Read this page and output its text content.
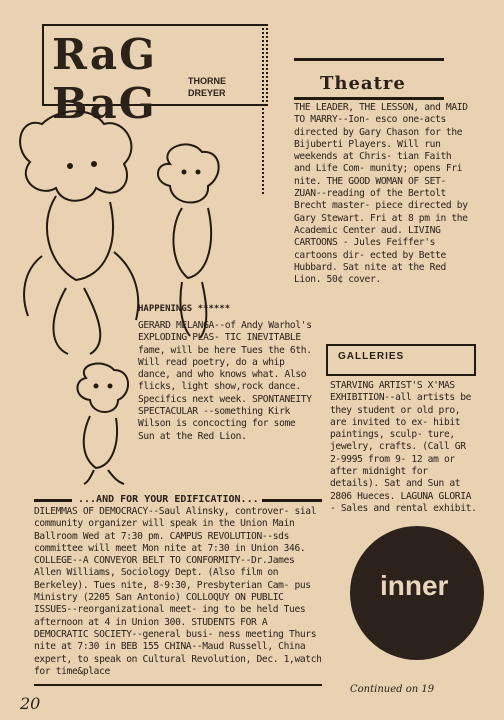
RaG BaG	THORNE
DREYER	Theatre
THE LEADER, THE LESSON, and MAID TO MARRY--Ion- esco one-acts directed by Gary Chason for the Bijuberti Players. Will run weekends at Chris- tian Faith and Life Com- munity; opens Fri nite. THE GOOD WOMAN OF SET- ZUAN--reading of the Bertolt Brecht master- piece directed by Gary Stewart. Fri at 8 pm in the Academic Center aud. LIVING CARTOONS - Jules Feiffer's cartoons dir- ected by Bette Hubbard. Sat nite at the Red Lion. 50¢ cover.
HAPPENINGS ******
GERARD MELANGA--of Andy Warhol's EXPLODING PLAS- TIC INEVITABLE fame, will be here Tues the 6th. Will read poetry, do a whip dance, and who knows what. Also flicks, light show,rock dance. Specifics next week. SPONTANEITY SPECTACULAR --something Kirk Wilson is concocting for some Sun at the Red Lion.
GALLERIES
STARVING ARTIST'S X'MAS EXHIBITION--all artists be they student or old pro, are invited to ex- hibit paintings, sculp- ture, jewelry, crafts. (Call GR 2-9995 from 9- 12 am or after midnight for details). Sat and Sun at 2806 Hueces. LAGUNA GLORIA - Sales and rental exhibit.
...AND FOR YOUR EDIFICATION...
DILEMMAS OF DEMOCRACY--Saul Alinsky, controver- sial community organizer will speak in the Union Main Ballroom Wed at 7:30 pm. CAMPUS REVOLUTION--sds committee will meet Mon nite at 7:30 in Union 346. COLLEGE--A CONVEYOR BELT TO CONFORMITY--Dr.James Allen Williams, Sociology Dept. (Also film on Berkeley). Tues nite, 8-9:30, Presbyterian Cam- pus Ministry (2205 San Antonio) COLLOQUY ON PUBLIC ISSUES--reorganizational meet- ing to be held Tues afternoon at 4 in Union 300. STUDENTS FOR A DEMOCRATIC SOCIETY--general busi- ness meeting Thurs nite at 7:30 in BEB 155 CHINA--Maud Russell, China expert, to speak on Cultural Revolution, Dec. 1,watch for time&place
inner
Continued on 19
20
